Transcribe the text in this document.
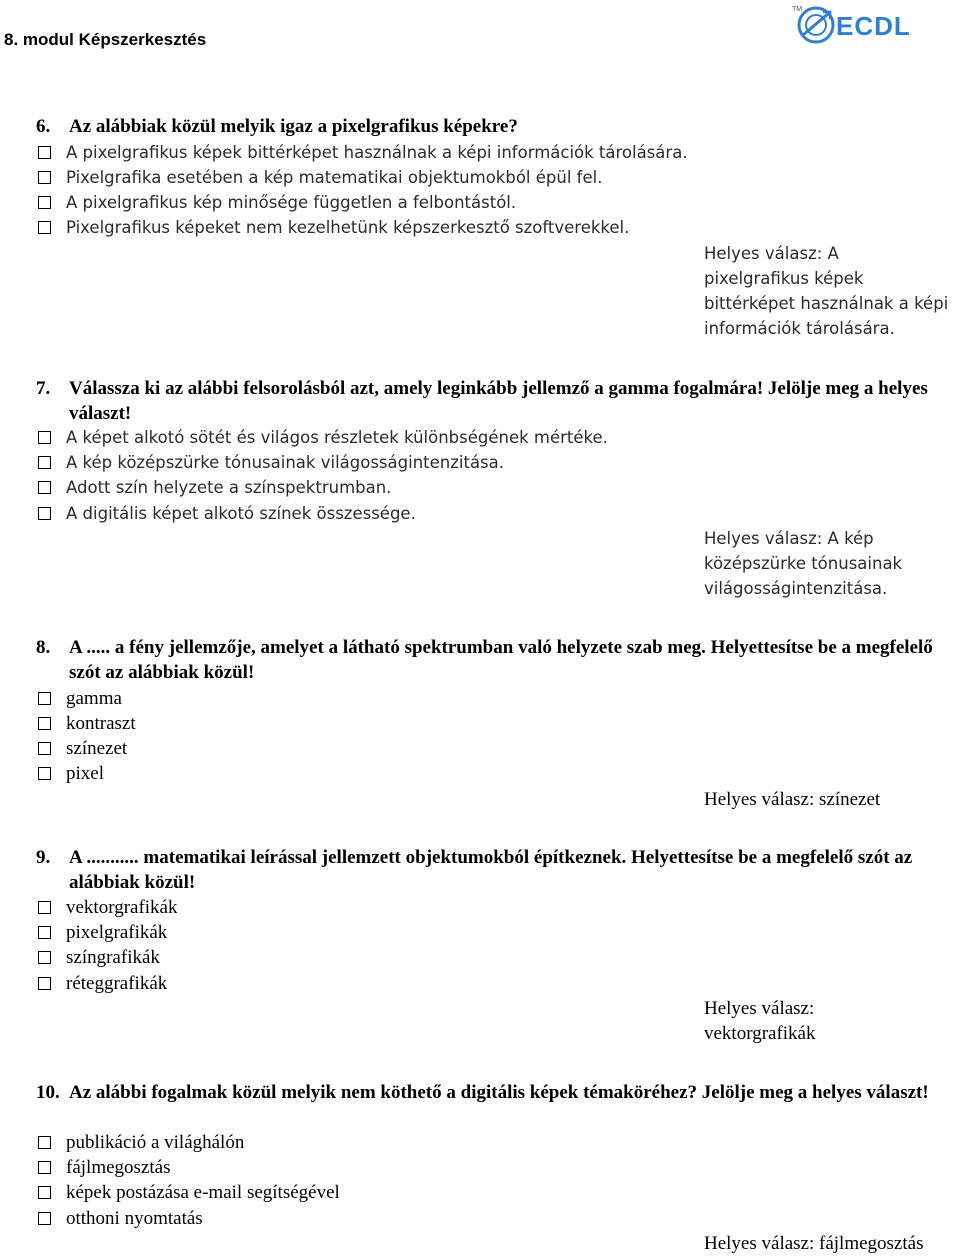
8. modul Képszerkesztés
TM
ECDL
6. Az alábbiak közül melyik igaz a pixelgrafikus képekre?
A pixelgrafikus képek bittérképet használnak a képi információk tárolására.
Pixelgrafika esetében a kép matematikai objektumokból épül fel.
A pixelgrafikus kép minősége független a felbontástól.
Pixelgrafikus képeket nem kezelhetünk képszerkesztő szoftverekkel.
Helyes válasz: A
pixelgrafikus képek
bittérképet használnak a képi
információk tárolására.
7. Válassza ki az alábbi felsorolásból azt, amely leginkább jellemző a gamma fogalmára! Jelölje meg a helyes választ!
A képet alkotó sötét és világos részletek különbségének mértéke.
A kép középszürke tónusainak világosságintenzitása.
Adott szín helyzete a színspektrumban.
A digitális képet alkotó színek összessége.
Helyes válasz: A kép
középszürke tónusainak
világosságintenzitása.
8. A ..... a fény jellemzője, amelyet a látható spektrumban való helyzete szab meg. Helyettesítse be a megfelelő szót az alábbiak közül!
gamma
kontraszt
színezet
pixel
Helyes válasz: színezet
9. A ........... matematikai leírással jellemzett objektumokból építkeznek. Helyettesítse be a megfelelő szót az alábbiak közül!
vektorgrafikák
pixelgrafikák
színgrafikák
réteggrafikák
Helyes válasz:
vektorgrafikák
10. Az alábbi fogalmak közül melyik nem köthető a digitális képek témaköréhez? Jelölje meg a helyes választ!
publikáció a világhálón
fájlmegosztás
képek postázása e-mail segítségével
otthoni nyomtatás
Helyes válasz: fájlmegosztás
